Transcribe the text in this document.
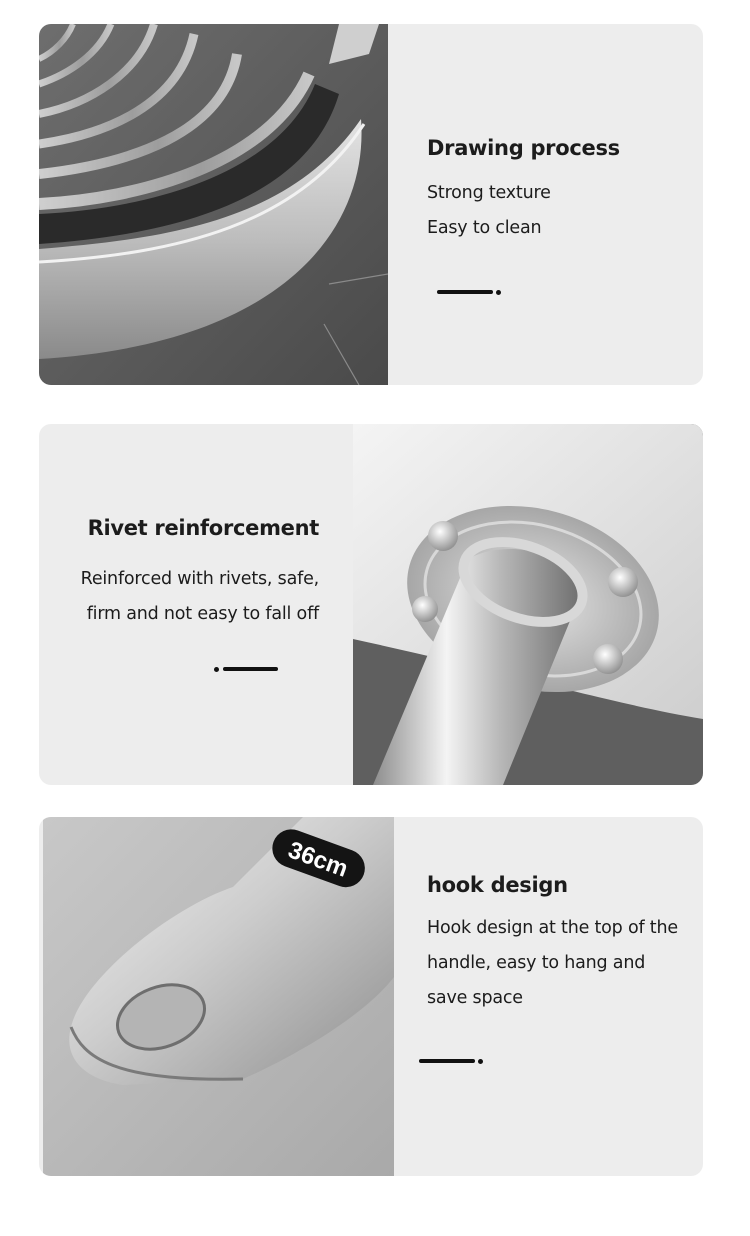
Drawing process

Strong texture

Easy to clean

Rivet reinforcement

Reinforced with rivets, safe,

firm and not easy to fall off

36cm

hook design

Hook design at the top of the

handle, easy to hang and

save space
